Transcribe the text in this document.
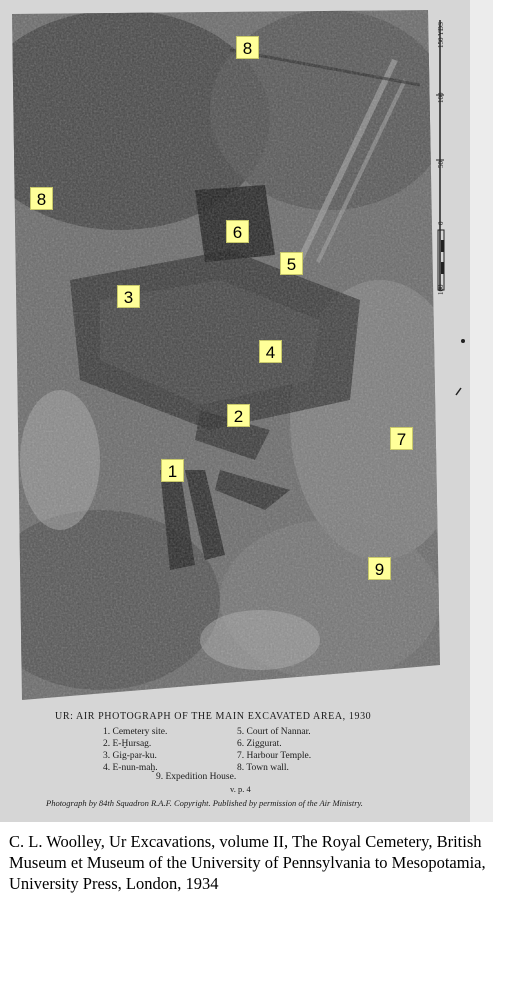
150 YDS
100
50
0
100
8
8
6
5
3
4
2
7
1
9
UR: AIR PHOTOGRAPH OF THE MAIN EXCAVATED AREA, 1930
1. Cemetery site.
2. E-Ḫursag.
3. Gig-par-ku.
4. E-nun-maḫ.
5. Court of Nannar.
6. Ziggurat.
7. Harbour Temple.
8. Town wall.
9. Expedition House.
v. p. 4
Photograph by 84th Squadron R.A.F. Copyright. Published by permission of the Air Ministry.
C. L. Woolley, Ur Excavations, volume II, The Royal Cemetery, British Museum et Museum of the University of Pennsylvania to Mesopotamia, University Press, London, 1934
